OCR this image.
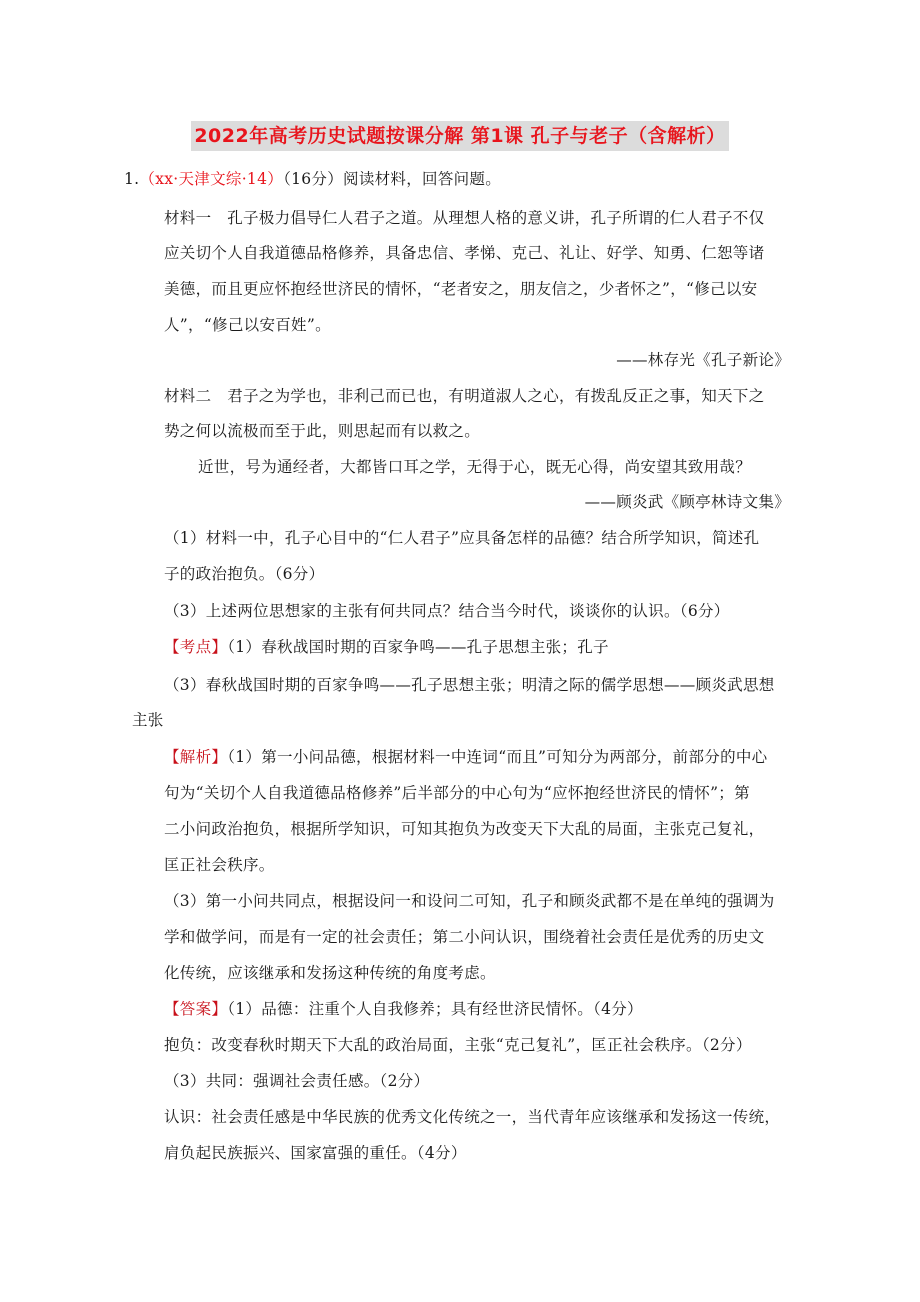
2022年高考历史试题按课分解 第1课 孔子与老子（含解析）
1.（xx·天津文综·14）（16分）阅读材料，回答问题。
材料一　孔子极力倡导仁人君子之道。从理想人格的意义讲，孔子所谓的仁人君子不仅
应关切个人自我道德品格修养，具备忠信、孝悌、克己、礼让、好学、知勇、仁恕等诸
美德，而且更应怀抱经世济民的情怀，“老者安之，朋友信之，少者怀之”，“修己以安
人”，“修己以安百姓”。
——林存光《孔子新论》
材料二　君子之为学也，非利己而已也，有明道淑人之心，有拨乱反正之事，知天下之
势之何以流极而至于此，则思起而有以救之。
近世，号为通经者，大都皆口耳之学，无得于心，既无心得，尚安望其致用哉？
——顾炎武《顾亭林诗文集》
（1）材料一中，孔子心目中的“仁人君子”应具备怎样的品德？结合所学知识，简述孔
子的政治抱负。（6分）
（3）上述两位思想家的主张有何共同点？结合当今时代，谈谈你的认识。（6分）
【考点】（1）春秋战国时期的百家争鸣——孔子思想主张；孔子
（3）春秋战国时期的百家争鸣——孔子思想主张；明清之际的儒学思想——顾炎武思想
主张
【解析】（1）第一小问品德，根据材料一中连词“而且”可知分为两部分，前部分的中心
句为“关切个人自我道德品格修养”后半部分的中心句为“应怀抱经世济民的情怀”；第
二小问政治抱负，根据所学知识，可知其抱负为改变天下大乱的局面，主张克己复礼，
匡正社会秩序。
（3）第一小问共同点，根据设问一和设问二可知，孔子和顾炎武都不是在单纯的强调为
学和做学问，而是有一定的社会责任；第二小问认识，围绕着社会责任是优秀的历史文
化传统，应该继承和发扬这种传统的角度考虑。
【答案】（1）品德：注重个人自我修养；具有经世济民情怀。（4分）
抱负：改变春秋时期天下大乱的政治局面，主张“克己复礼”，匡正社会秩序。（2分）
（3）共同：强调社会责任感。（2分）
认识：社会责任感是中华民族的优秀文化传统之一，当代青年应该继承和发扬这一传统，
肩负起民族振兴、国家富强的重任。（4分）
